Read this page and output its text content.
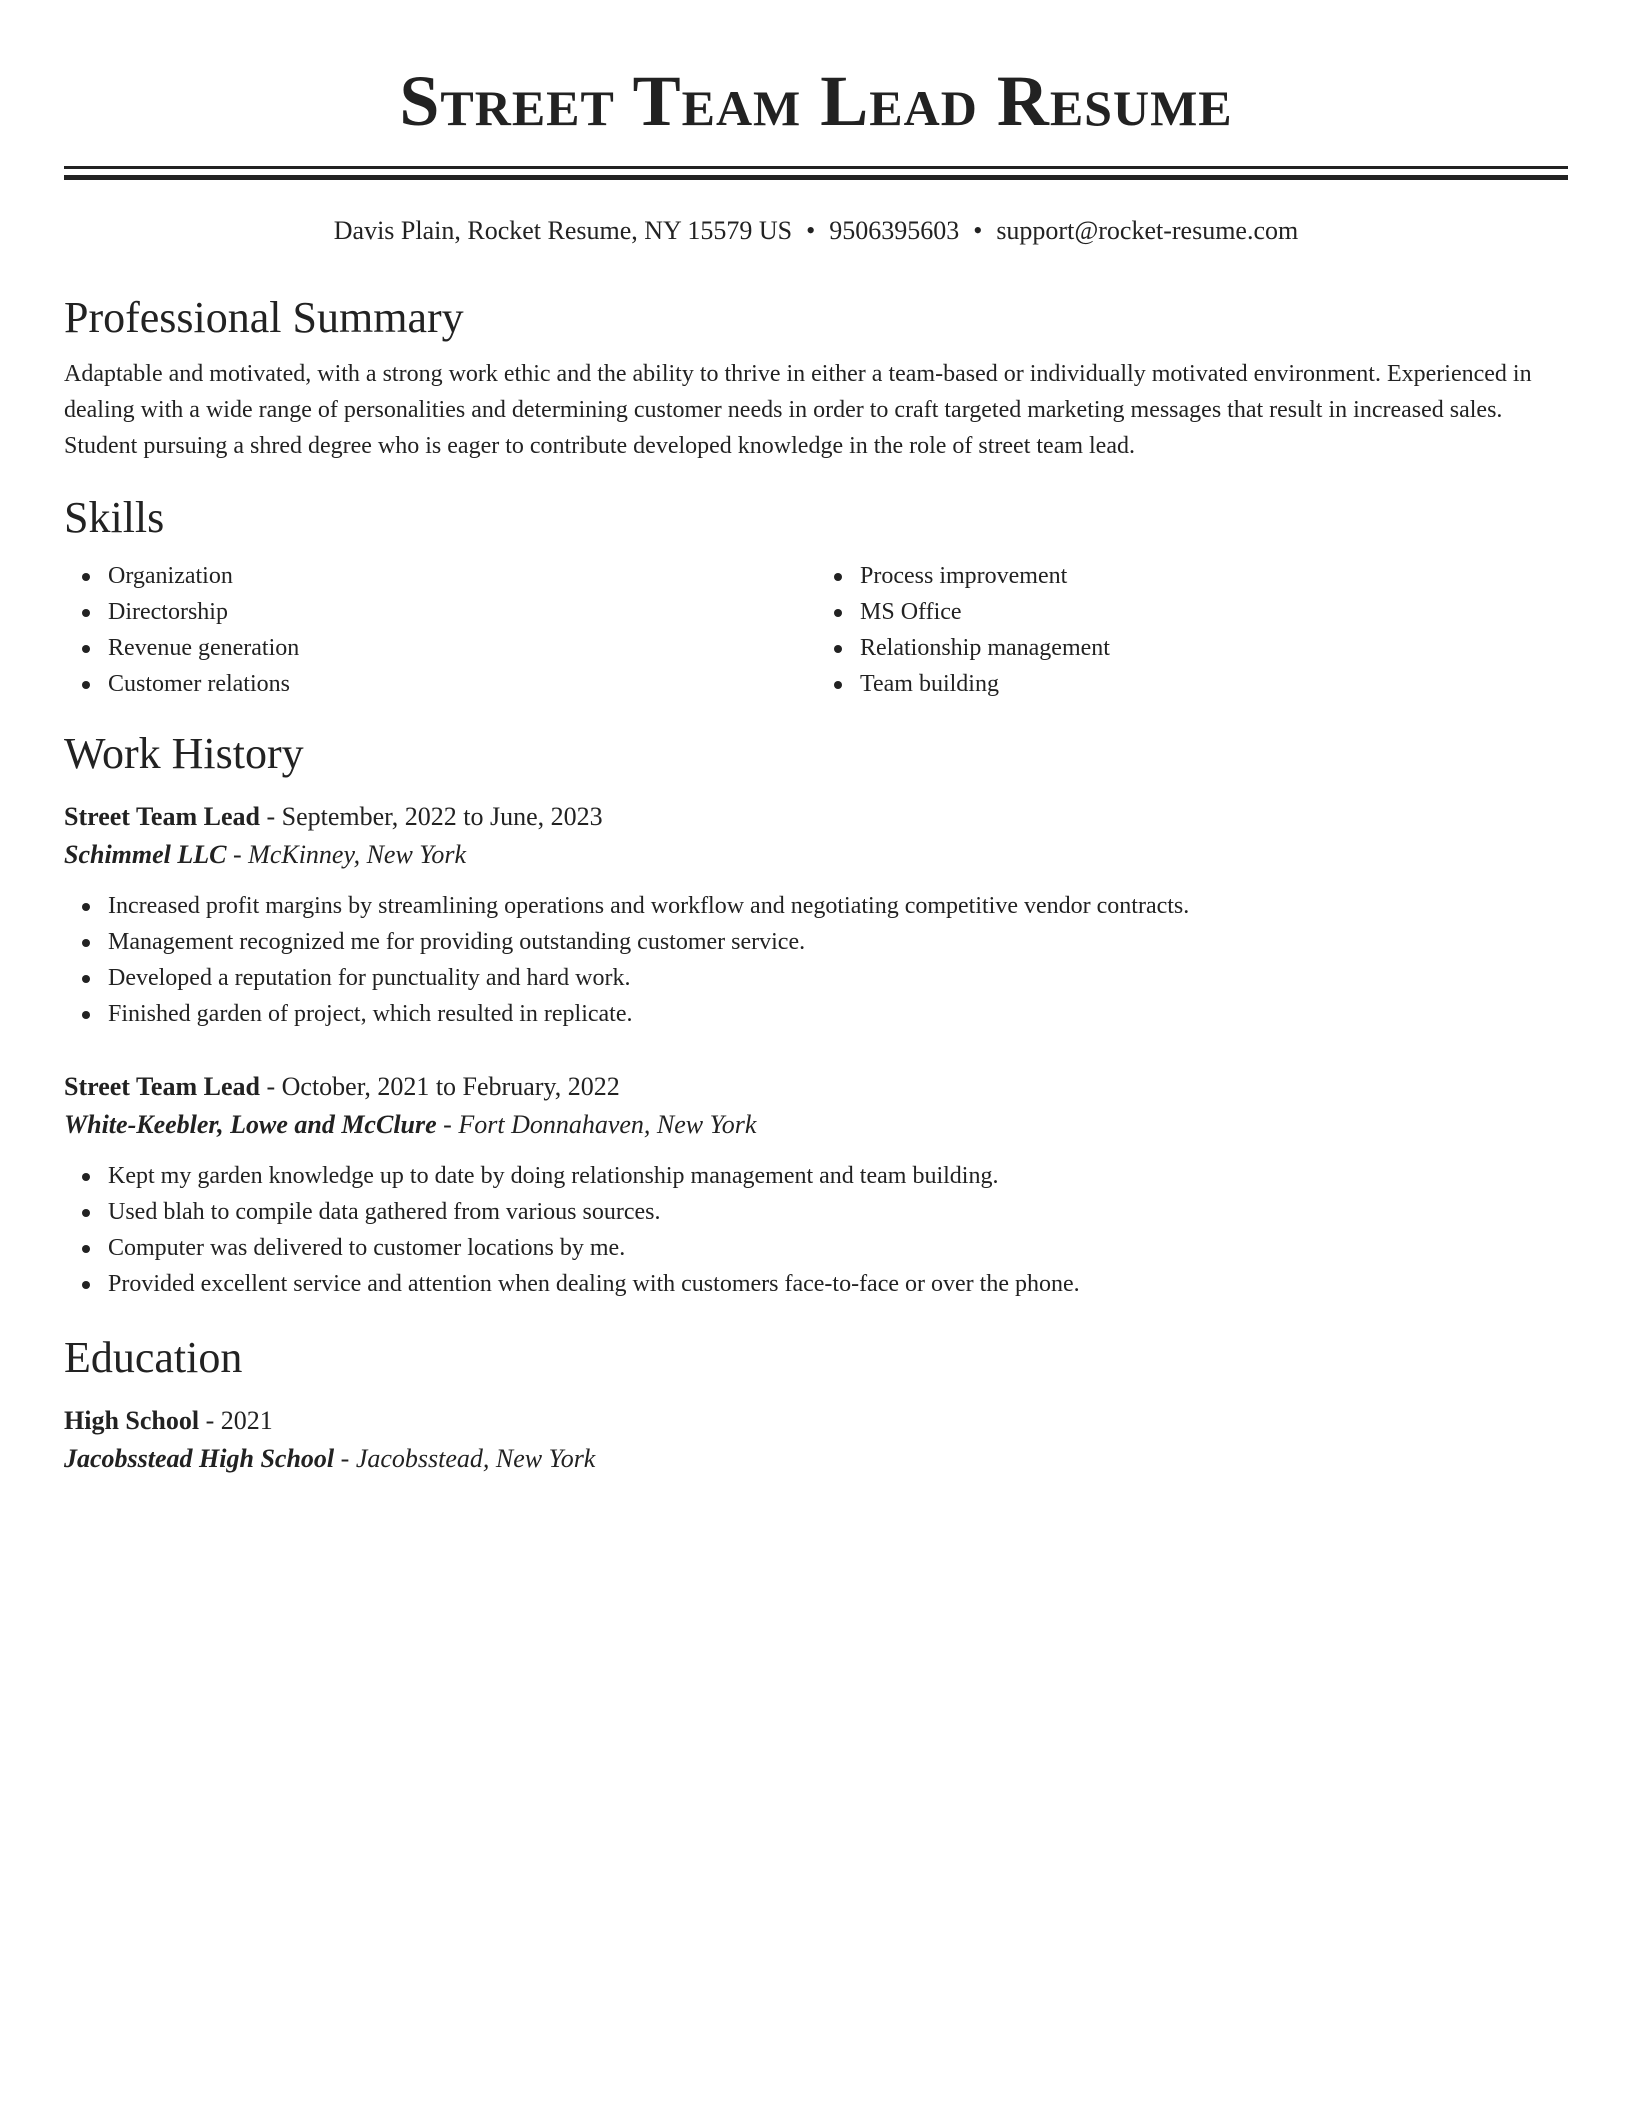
Street Team Lead Resume
Davis Plain, Rocket Resume, NY 15579 US • 9506395603 • support@rocket-resume.com
Professional Summary

Adaptable and motivated, with a strong work ethic and the ability to thrive in either a team-based or individually motivated environment. Experienced in dealing with a wide range of personalities and determining customer needs in order to craft targeted marketing messages that result in increased sales. Student pursuing a shred degree who is eager to contribute developed knowledge in the role of street team lead.

Skills
Organization
Directorship
Revenue generation
Customer relations
Process improvement
MS Office
Relationship management
Team building
Work History
Street Team Lead - September, 2022 to June, 2023
Schimmel LLC - McKinney, New York
Increased profit margins by streamlining operations and workflow and negotiating competitive vendor contracts.
Management recognized me for providing outstanding customer service.
Developed a reputation for punctuality and hard work.
Finished garden of project, which resulted in replicate.
Street Team Lead - October, 2021 to February, 2022
White-Keebler, Lowe and McClure - Fort Donnahaven, New York
Kept my garden knowledge up to date by doing relationship management and team building.
Used blah to compile data gathered from various sources.
Computer was delivered to customer locations by me.
Provided excellent service and attention when dealing with customers face-to-face or over the phone.
Education
High School - 2021
Jacobsstead High School - Jacobsstead, New York
